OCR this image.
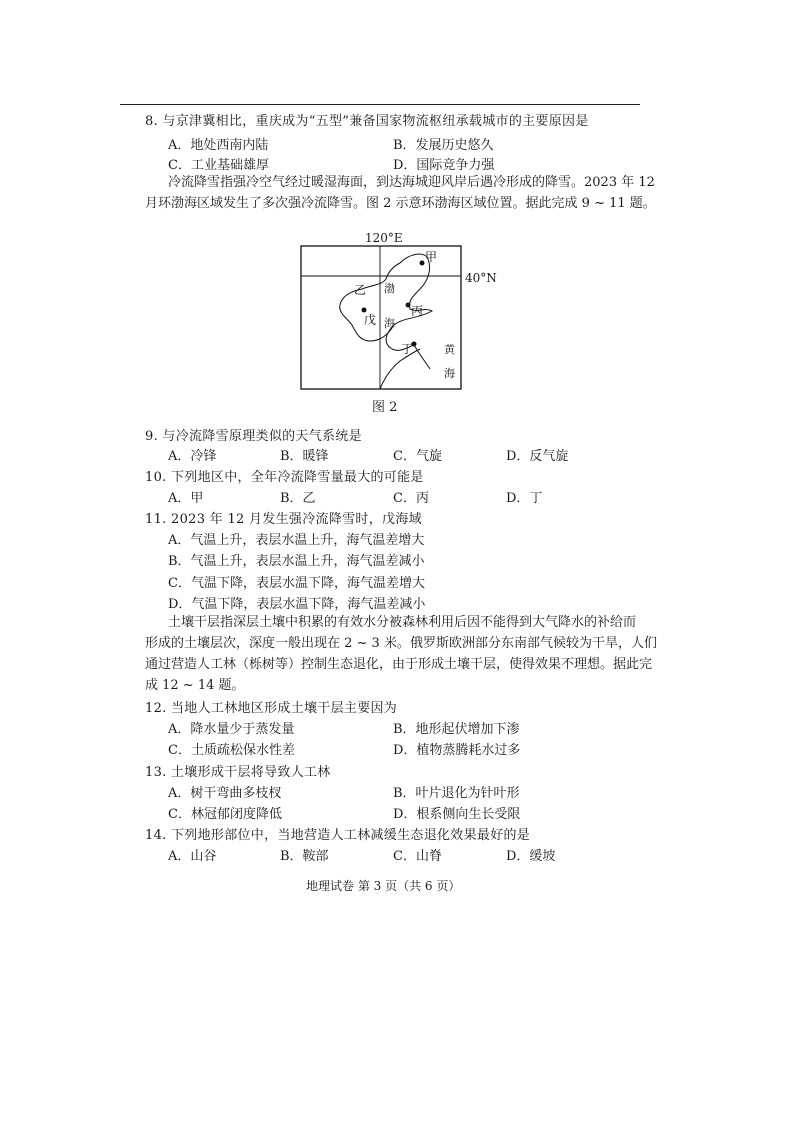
8. 与京津冀相比，重庆成为“五型”兼备国家物流枢纽承载城市的主要原因是
A．地处西南内陆	B．发展历史悠久
C．工业基础雄厚	D．国际竞争力强
冷流降雪指强冷空气经过暖湿海面，到达海城迎风岸后遇冷形成的降雪。2023 年 12
月环渤海区域发生了多次强冷流降雪。图 2 示意环渤海区域位置。据此完成 9 ~ 11 题。
甲
乙
丙
丁
戊
渤
海
黄
海
120°E
40°N
图 2
9. 与冷流降雪原理类似的天气系统是
A．冷锋	B．暖锋	C．气旋	D．反气旋
10. 下列地区中，全年冷流降雪量最大的可能是
A．甲	B．乙	C．丙	D．丁
11. 2023 年 12 月发生强冷流降雪时，戊海域
A．气温上升，表层水温上升，海气温差增大
B．气温上升，表层水温上升，海气温差减小
C．气温下降，表层水温下降，海气温差增大
D．气温下降，表层水温下降，海气温差减小
土壤干层指深层土壤中积累的有效水分被森林利用后因不能得到大气降水的补给而
形成的土壤层次，深度一般出现在 2 ~ 3 米。俄罗斯欧洲部分东南部气候较为干旱，人们
通过营造人工林（栎树等）控制生态退化，由于形成土壤干层，使得效果不理想。据此完
成 12 ~ 14 题。
12. 当地人工林地区形成土壤干层主要因为
A．降水量少于蒸发量	B．地形起伏增加下渗
C．土质疏松保水性差	D．植物蒸腾耗水过多
13. 土壤形成干层将导致人工林
A．树干弯曲多枝杈	B．叶片退化为针叶形
C．林冠郁闭度降低	D．根系侧向生长受限
14. 下列地形部位中，当地营造人工林减缓生态退化效果最好的是
A．山谷	B．鞍部	C．山脊	D．缓坡
地理试卷 第 3 页（共 6 页）
